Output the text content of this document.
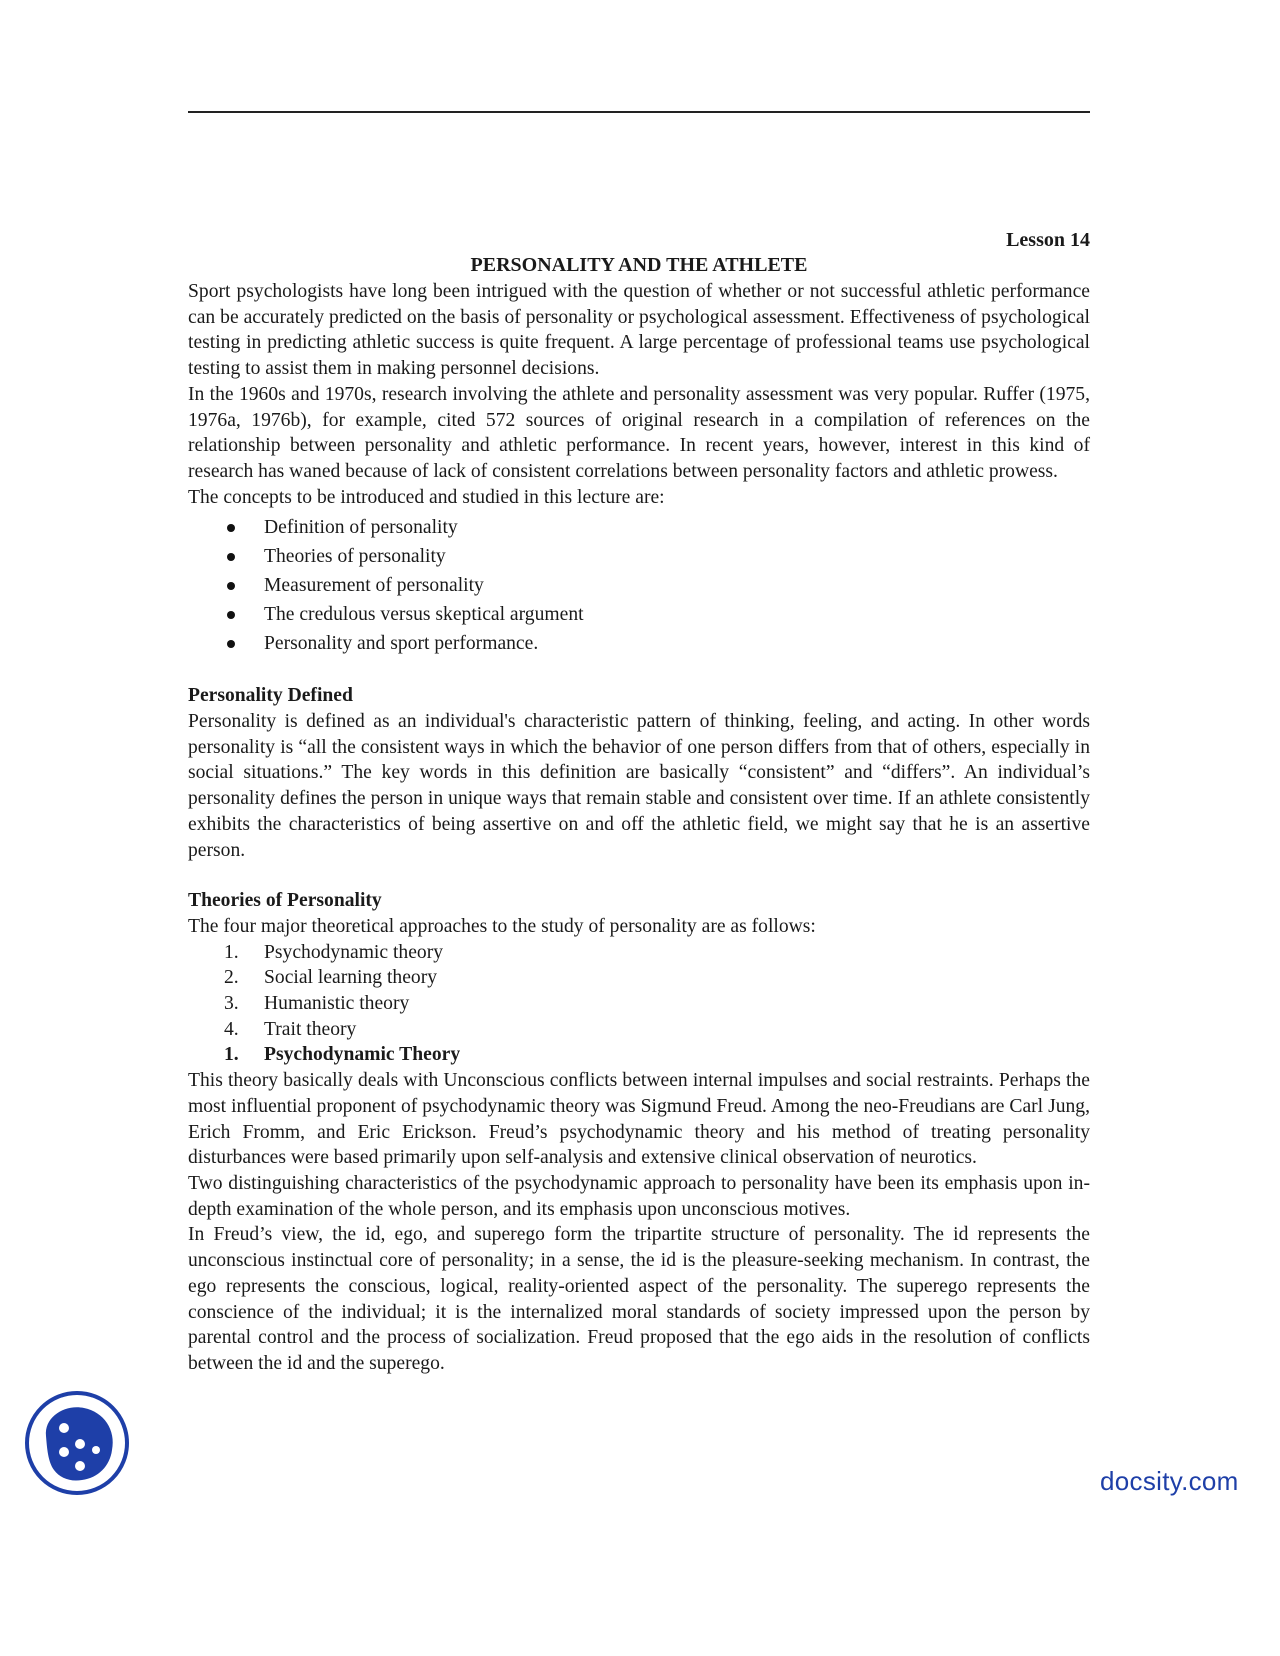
Lesson 14
PERSONALITY AND THE ATHLETE

Sport psychologists have long been intrigued with the question of whether or not successful athletic performance can be accurately predicted on the basis of personality or psychological assessment. Effectiveness of psychological testing in predicting athletic success is quite frequent. A large percentage of professional teams use psychological testing to assist them in making personnel decisions.

In the 1960s and 1970s, research involving the athlete and personality assessment was very popular. Ruffer (1975, 1976a, 1976b), for example, cited 572 sources of original research in a compilation of references on the relationship between personality and athletic performance. In recent years, however, interest in this kind of research has waned because of lack of consistent correlations between personality factors and athletic prowess.

The concepts to be introduced and studied in this lecture are:

Definition of personality
Theories of personality
Measurement of personality
The credulous versus skeptical argument
Personality and sport performance.
Personality Defined

Personality is defined as an individual's characteristic pattern of thinking, feeling, and acting. In other words personality is “all the consistent ways in which the behavior of one person differs from that of others, especially in social situations.” The key words in this definition are basically “consistent” and “differs”. An individual’s personality defines the person in unique ways that remain stable and consistent over time. If an athlete consistently exhibits the characteristics of being assertive on and off the athletic field, we might say that he is an assertive person.

Theories of Personality

The four major theoretical approaches to the study of personality are as follows:

1. Psychodynamic theory
2. Social learning theory
3. Humanistic theory
4. Trait theory
1. Psychodynamic Theory

This theory basically deals with Unconscious conflicts between internal impulses and social restraints. Perhaps the most influential proponent of psychodynamic theory was Sigmund Freud. Among the neo-Freudians are Carl Jung, Erich Fromm, and Eric Erickson. Freud’s psychodynamic theory and his method of treating personality disturbances were based primarily upon self-analysis and extensive clinical observation of neurotics.

Two distinguishing characteristics of the psychodynamic approach to personality have been its emphasis upon in-depth examination of the whole person, and its emphasis upon unconscious motives.

In Freud’s view, the id, ego, and superego form the tripartite structure of personality. The id represents the unconscious instinctual core of personality; in a sense, the id is the pleasure-seeking mechanism. In contrast, the ego represents the conscious, logical, reality-oriented aspect of the personality. The superego represents the conscience of the individual; it is the internalized moral standards of society impressed upon the person by parental control and the process of socialization. Freud proposed that the ego aids in the resolution of conflicts between the id and the superego.

docsity.com
